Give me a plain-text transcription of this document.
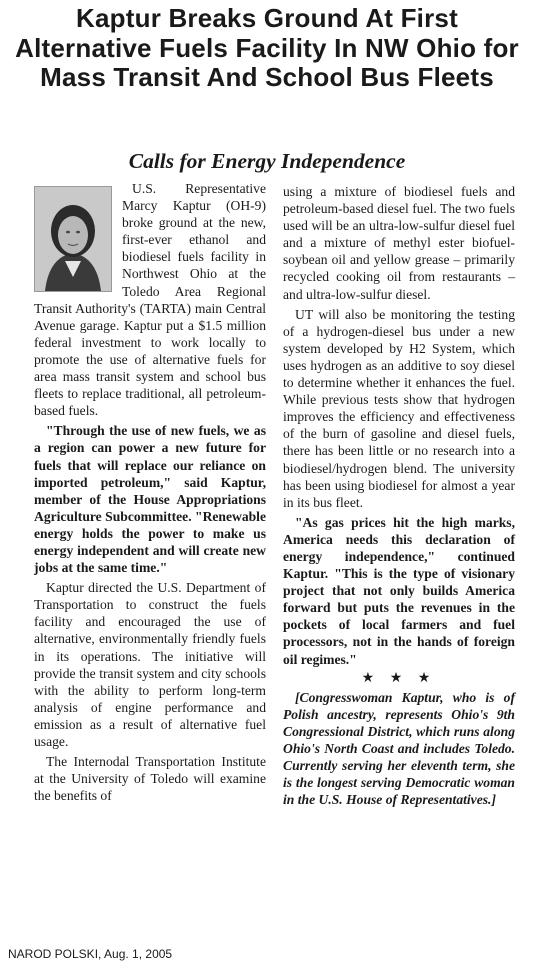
Kaptur Breaks Ground At First Alternative Fuels Facility In NW Ohio for Mass Transit And School Bus Fleets
Calls for Energy Independence

U.S. Representative Marcy Kaptur (OH-9) broke ground at the new, first-ever ethanol and biodiesel fuels facility in Northwest Ohio at the Toledo Area Regional Transit Authority's (TARTA) main Central Avenue garage. Kaptur put a $1.5 million federal investment to work locally to promote the use of alternative fuels for area mass transit system and school bus fleets to replace traditional, all petroleum-based fuels.

"Through the use of new fuels, we as a region can power a new future for fuels that will replace our reliance on imported petroleum," said Kaptur, member of the House Appropriations Agriculture Subcommittee. "Renewable energy holds the power to make us energy independent and will create new jobs at the same time."

Kaptur directed the U.S. Department of Transportation to construct the fuels facility and encouraged the use of alternative, environmentally friendly fuels in its operations. The initiative will provide the transit system and city schools with the ability to perform long-term analysis of engine performance and emission as a result of alternative fuel usage.

The Internodal Transportation Institute at the University of Toledo will examine the benefits of

using a mixture of biodiesel fuels and petroleum-based diesel fuel. The two fuels used will be an ultra-low-sulfur diesel fuel and a mixture of methyl ester biofuel-soybean oil and yellow grease – primarily recycled cooking oil from restaurants – and ultra-low-sulfur diesel.

UT will also be monitoring the testing of a hydrogen-diesel bus under a new system developed by H2 System, which uses hydrogen as an additive to soy diesel to determine whether it enhances the fuel. While previous tests show that hydrogen improves the efficiency and effectiveness of the burn of gasoline and diesel fuels, there has been little or no research into a biodiesel/hydrogen blend. The university has been using biodiesel for almost a year in its bus fleet.

"As gas prices hit the high marks, America needs this declaration of energy independence," continued Kaptur. "This is the type of visionary project that not only builds America forward but puts the revenues in the pockets of local farmers and fuel processors, not in the hands of foreign oil regimes."

★ ★ ★

[Congresswoman Kaptur, who is of Polish ancestry, represents Ohio's 9th Congressional District, which runs along Ohio's North Coast and includes Toledo. Currently serving her eleventh term, she is the longest serving Democratic woman in the U.S. House of Representatives.]

NAROD POLSKI, Aug. 1, 2005
